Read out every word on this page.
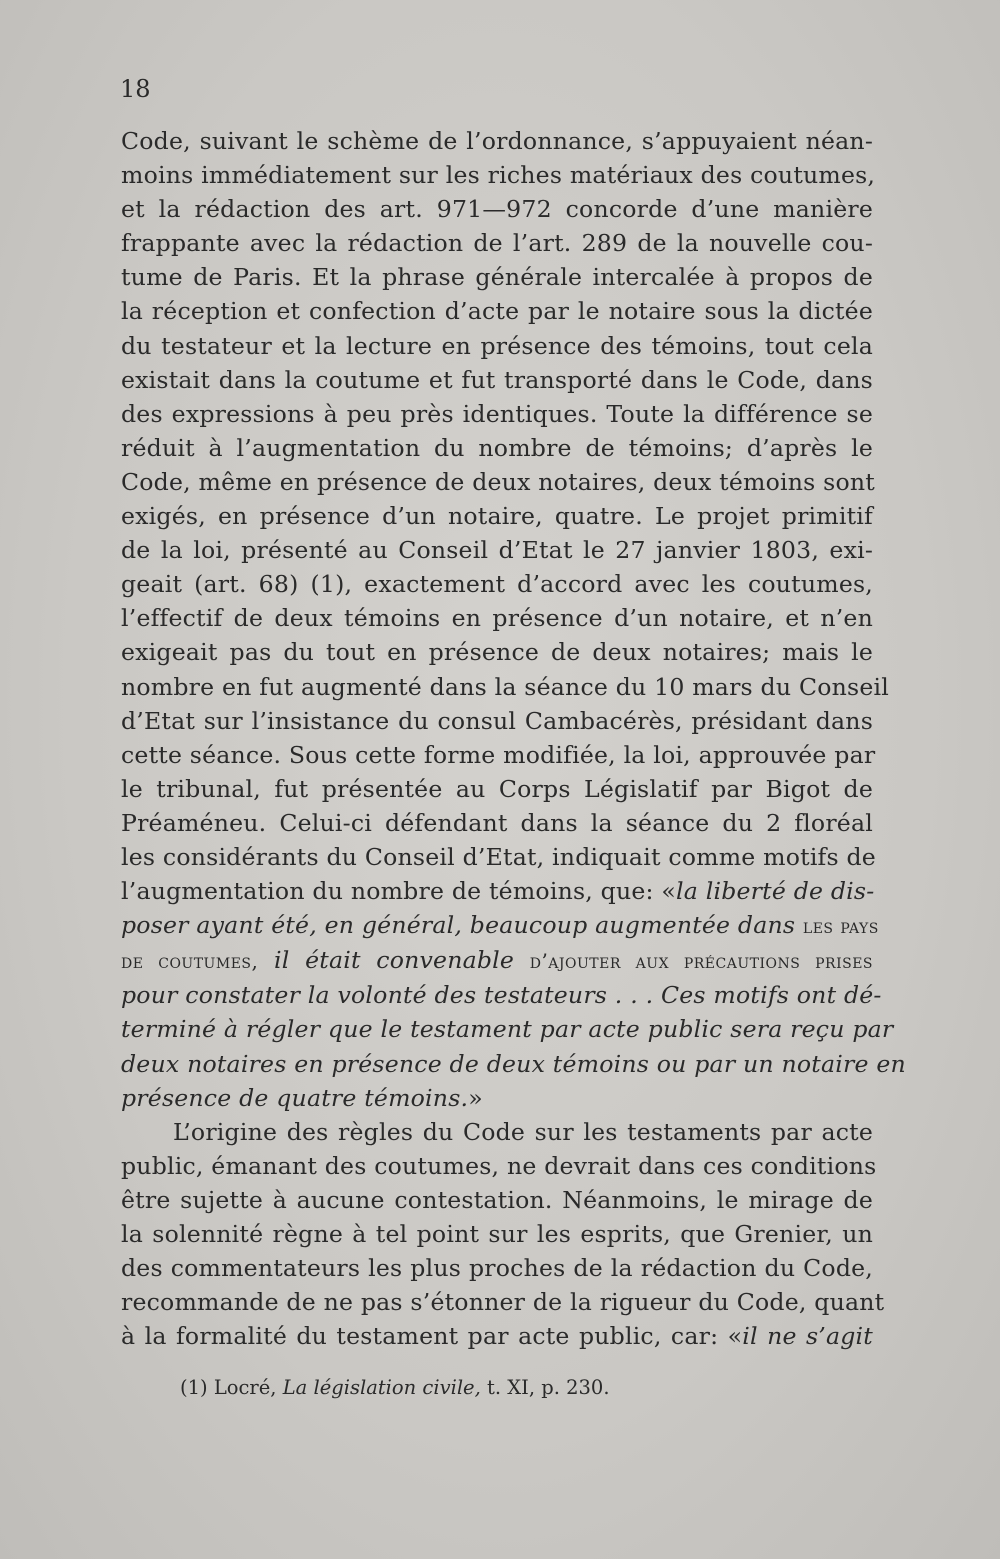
18
Code, suivant le schème de l’ordonnance, s’appuyaient néan-
moins immédiatement sur les riches matériaux des coutumes,
et la rédaction des art. 971—972 concorde d’une manière
frappante avec la rédaction de l’art. 289 de la nouvelle cou-
tume de Paris. Et la phrase générale intercalée à propos de
la réception et confection d’acte par le notaire sous la dictée
du testateur et la lecture en présence des témoins, tout cela
existait dans la coutume et fut transporté dans le Code, dans
des expressions à peu près identiques. Toute la différence se
réduit à l’augmentation du nombre de témoins; d’après le
Code, même en présence de deux notaires, deux témoins sont
exigés, en présence d’un notaire, quatre. Le projet primitif
de la loi, présenté au Conseil d’Etat le 27 janvier 1803, exi-
geait (art. 68) (1), exactement d’accord avec les coutumes,
l’effectif de deux témoins en présence d’un notaire, et n’en
exigeait pas du tout en présence de deux notaires; mais le
nombre en fut augmenté dans la séance du 10 mars du Conseil
d’Etat sur l’insistance du consul Cambacérès, présidant dans
cette séance. Sous cette forme modifiée, la loi, approuvée par
le tribunal, fut présentée au Corps Législatif par Bigot de
Préaméneu. Celui-ci défendant dans la séance du 2 floréal
les considérants du Conseil d’Etat, indiquait comme motifs de
l’augmentation du nombre de témoins, que: «la liberté de dis-
poser ayant été, en général, beaucoup augmentée dans les pays
de coutumes, il était convenable d’ajouter aux précautions prises
pour constater la volonté des testateurs . . . Ces motifs ont dé-
terminé à régler que le testament par acte public sera reçu par
deux notaires en présence de deux témoins ou par un notaire en
présence de quatre témoins.»
L’origine des règles du Code sur les testaments par acte
public, émanant des coutumes, ne devrait dans ces conditions
être sujette à aucune contestation. Néanmoins, le mirage de
la solennité règne à tel point sur les esprits, que Grenier, un
des commentateurs les plus proches de la rédaction du Code,
recommande de ne pas s’étonner de la rigueur du Code, quant
à la formalité du testament par acte public, car: «il ne s’agit
(1) Locré, La législation civile, t. XI, p. 230.
